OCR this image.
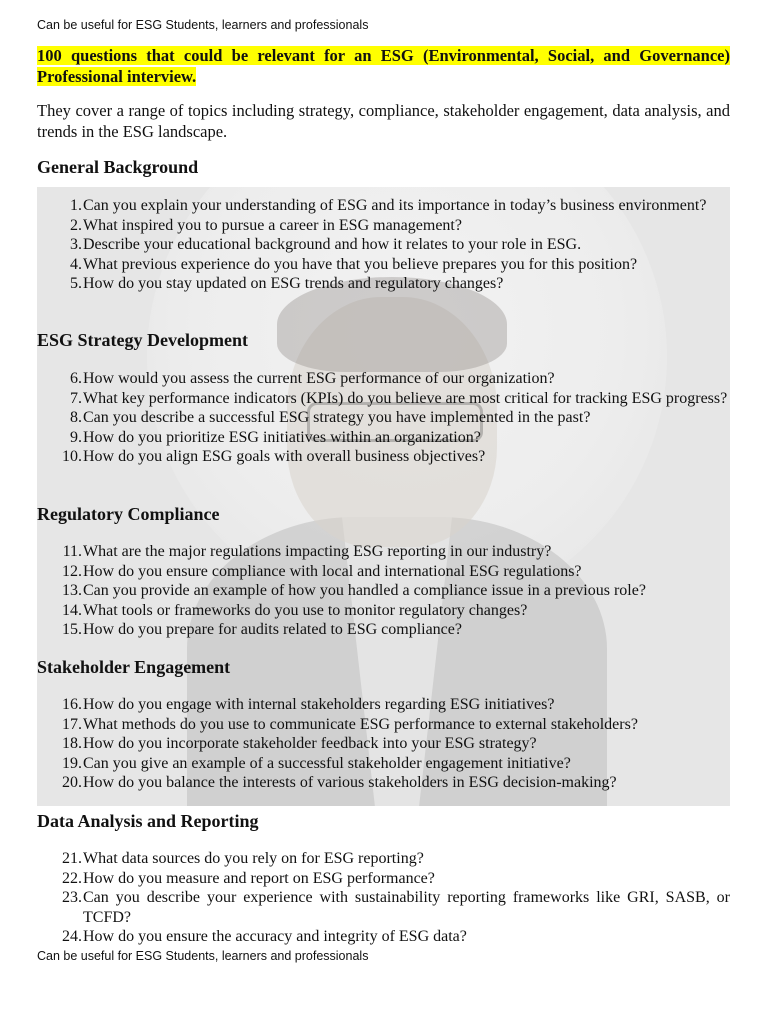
Can be useful for ESG Students, learners and professionals

100 questions that could be relevant for an ESG (Environmental, Social, and Governance) Professional interview.

They cover a range of topics including strategy, compliance, stakeholder engagement, data analysis, and trends in the ESG landscape.

General Background
1. Can you explain your understanding of ESG and its importance in today’s business environment?
2. What inspired you to pursue a career in ESG management?
3. Describe your educational background and how it relates to your role in ESG.
4. What previous experience do you have that you believe prepares you for this position?
5. How do you stay updated on ESG trends and regulatory changes?
ESG Strategy Development
6. How would you assess the current ESG performance of our organization?
7. What key performance indicators (KPIs) do you believe are most critical for tracking ESG progress?
8. Can you describe a successful ESG strategy you have implemented in the past?
9. How do you prioritize ESG initiatives within an organization?
10. How do you align ESG goals with overall business objectives?
Regulatory Compliance
11. What are the major regulations impacting ESG reporting in our industry?
12. How do you ensure compliance with local and international ESG regulations?
13. Can you provide an example of how you handled a compliance issue in a previous role?
14. What tools or frameworks do you use to monitor regulatory changes?
15. How do you prepare for audits related to ESG compliance?
Stakeholder Engagement
16. How do you engage with internal stakeholders regarding ESG initiatives?
17. What methods do you use to communicate ESG performance to external stakeholders?
18. How do you incorporate stakeholder feedback into your ESG strategy?
19. Can you give an example of a successful stakeholder engagement initiative?
20. How do you balance the interests of various stakeholders in ESG decision-making?
Data Analysis and Reporting
21. What data sources do you rely on for ESG reporting?
22. How do you measure and report on ESG performance?
23. Can you describe your experience with sustainability reporting frameworks like GRI, SASB, or TCFD?
24. How do you ensure the accuracy and integrity of ESG data?
Can be useful for ESG Students, learners and professionals
